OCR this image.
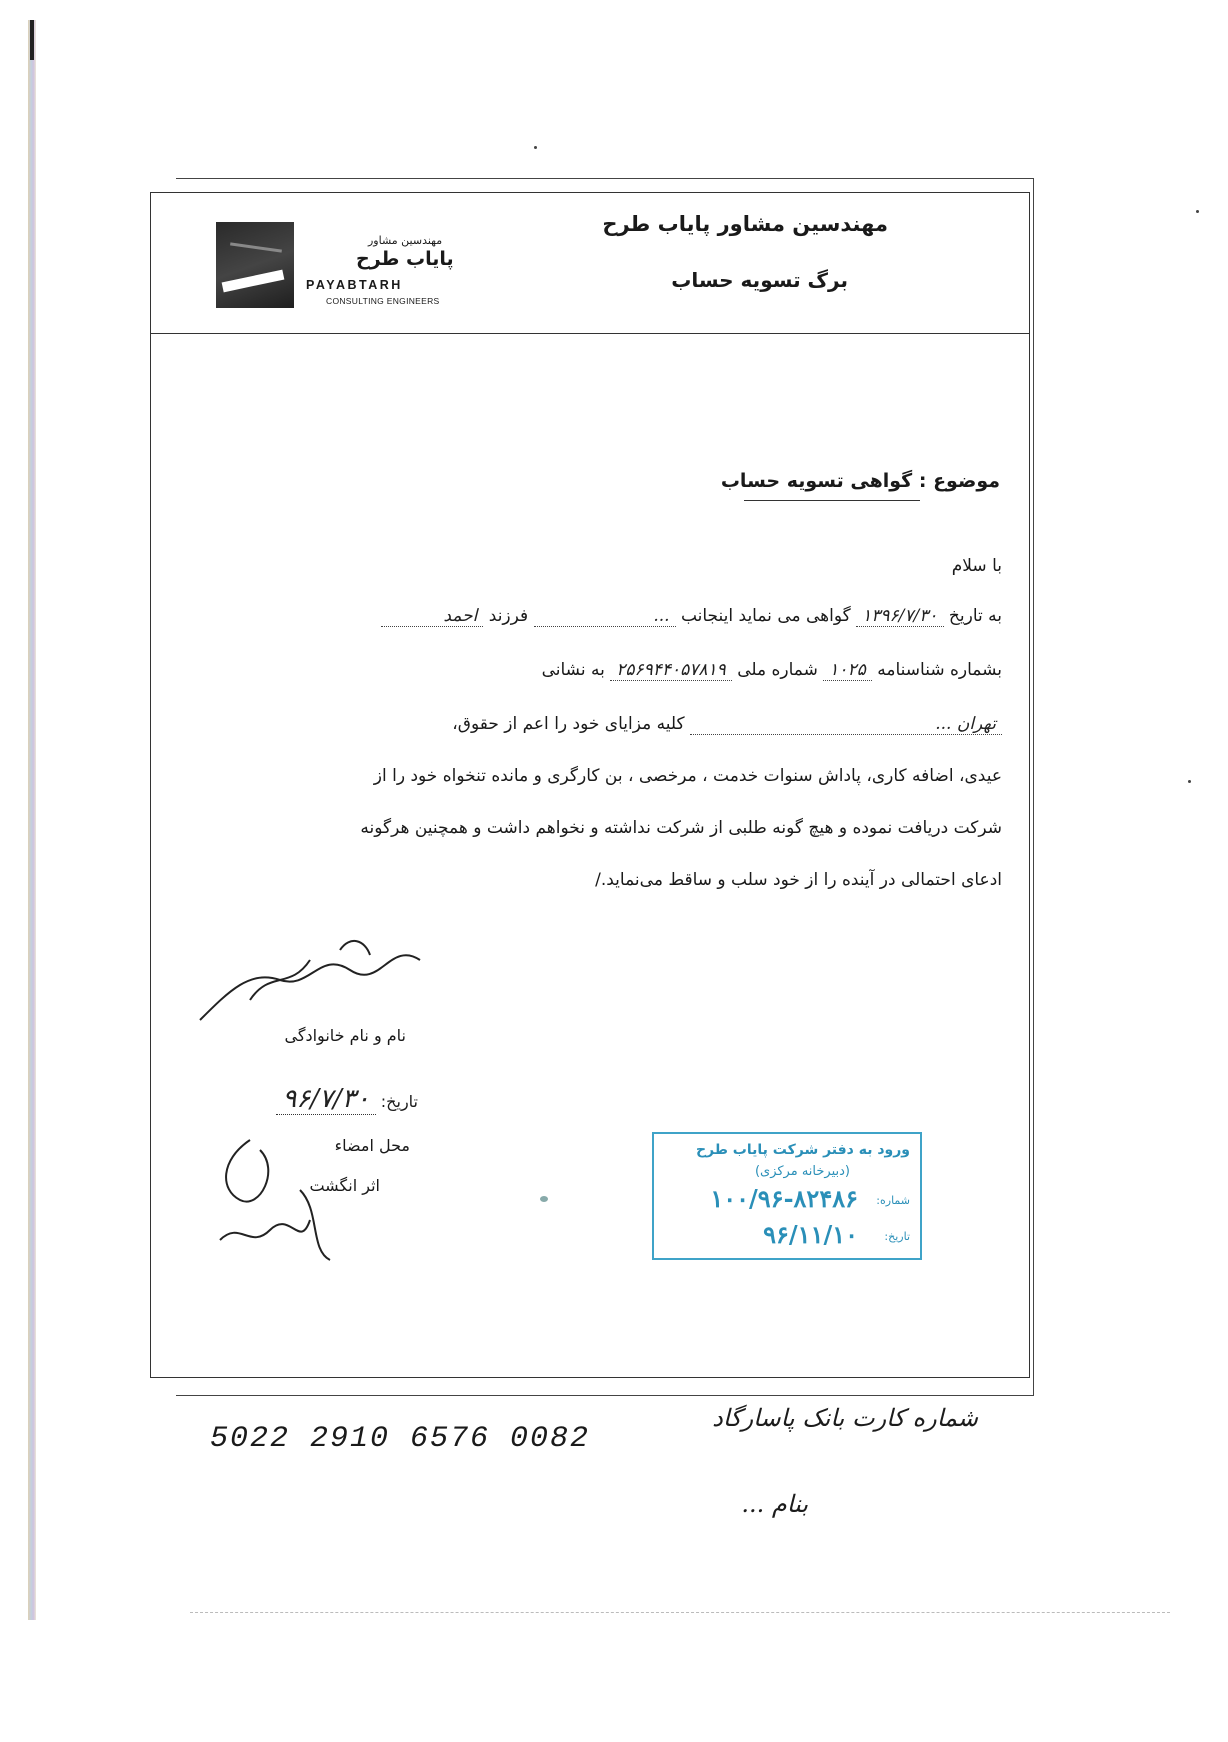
مهندسین مشاور پایاب طرح
برگ تسویه حساب
مهندسین مشاور
پایاب طرح
PAYABTARH
CONSULTING ENGINEERS
موضوع : گواهی تسویه حساب
با سلام
به تاریخ ۱۳۹۶/۷/۳۰ گواهی می نماید اینجانب ... فرزند احمد
بشماره شناسنامه ۱۰۲۵ شماره ملی ۲۵۶۹۴۴۰۵۷۸۱۹ به نشانی
تهران ... کلیه مزایای خود را اعم از حقوق،
عیدی، اضافه کاری، پاداش سنوات خدمت ، مرخصی ، بن کارگری و مانده تنخواه خود را از
شرکت دریافت نموده و هیچ گونه طلبی از شرکت نداشته و نخواهم داشت و همچنین هرگونه
ادعای احتمالی در آینده را از خود سلب و ساقط می‌نماید./
نام و نام خانوادگی
تاریخ: ۹۶/۷/۳۰
محل امضاء
اثر انگشت
ورود به دفتر شرکت پایاب طرح
(دبیرخانه مرکزی)
شماره:
۱۰۰/۹۶-۸۲۴۸۶
تاریخ:
۹۶/۱۱/۱۰
5022 2910 6576 0082
شماره کارت بانک پاسارگاد
بنام ...
